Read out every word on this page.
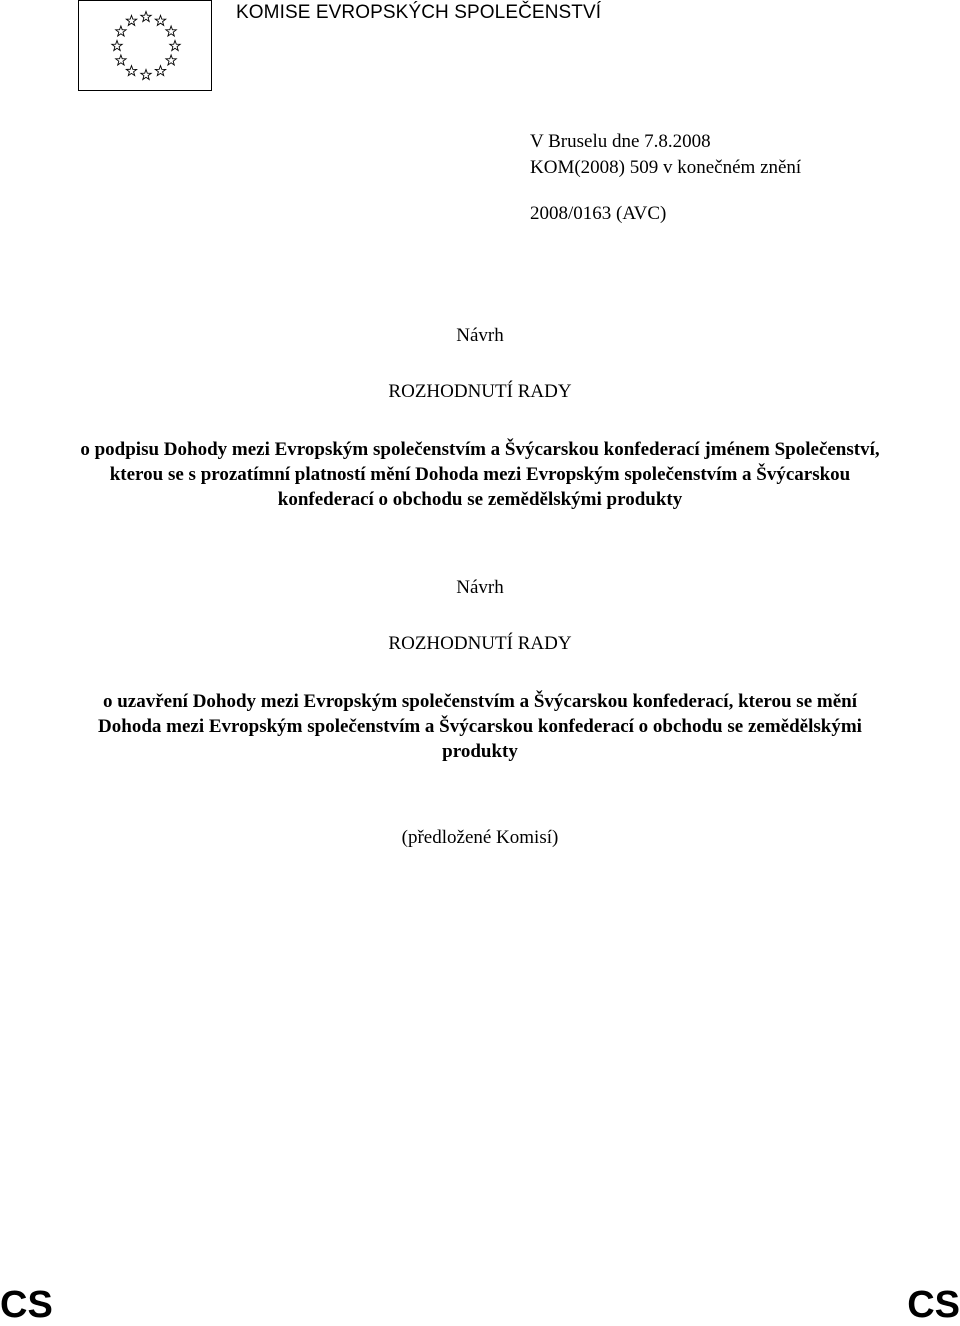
KOMISE EVROPSKÝCH SPOLEČENSTVÍ
V Bruselu dne 7.8.2008
KOM(2008) 509 v konečném znění
2008/0163 (AVC)
Návrh
ROZHODNUTÍ RADY
o podpisu Dohody mezi Evropským společenstvím a Švýcarskou konfederací jménem Společenství, kterou se s prozatímní platností mění Dohoda mezi Evropským společenstvím a Švýcarskou konfederací o obchodu se zemědělskými produkty
Návrh
ROZHODNUTÍ RADY
o uzavření Dohody mezi Evropským společenstvím a Švýcarskou konfederací, kterou se mění Dohoda mezi Evropským společenstvím a Švýcarskou konfederací o obchodu se zemědělskými produkty
(předložené Komisí)
CS	CS
